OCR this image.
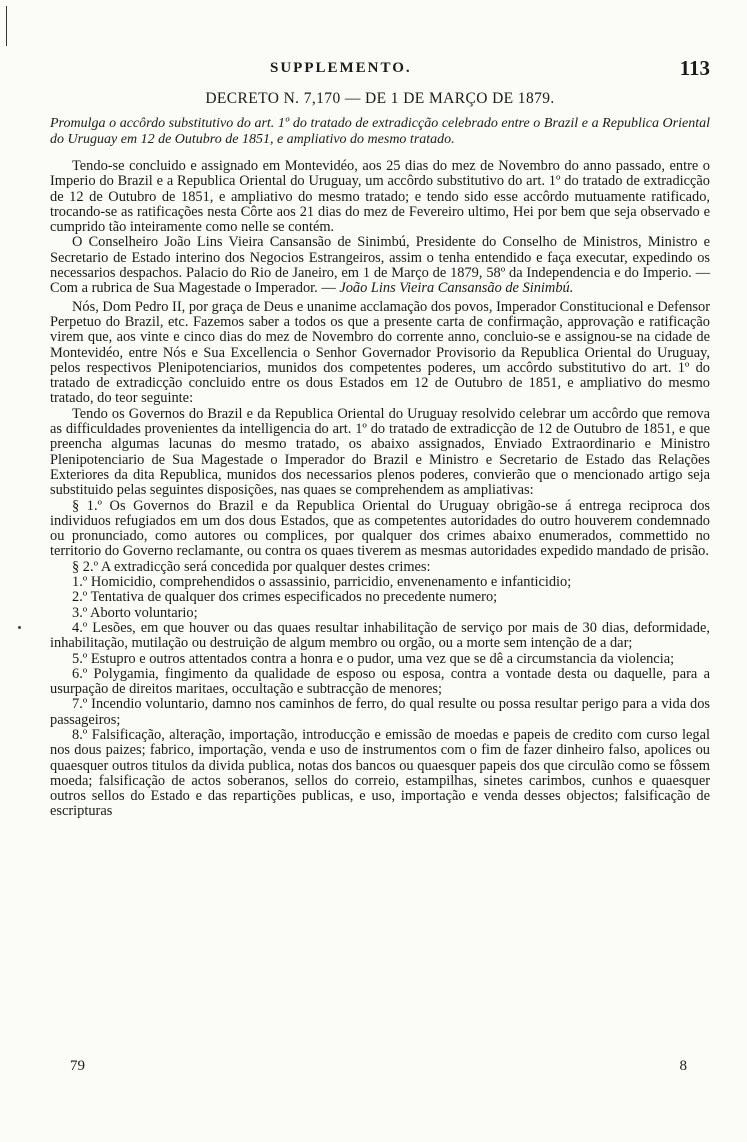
SUPPLEMENTO.	113
DECRETO N. 7,170 — DE 1 DE MARÇO DE 1879.
Promulga o accôrdo substitutivo do art. 1º do tratado de extradicção celebrado entre o Brazil e a Republica Oriental do Uruguay em 12 de Outubro de 1851, e ampliativo do mesmo tratado.

Tendo-se concluido e assignado em Montevidéo, aos 25 dias do mez de Novembro do anno passado, entre o Imperio do Brazil e a Republica Oriental do Uruguay, um accôrdo substitutivo do art. 1º do tratado de extradicção de 12 de Outubro de 1851, e ampliativo do mesmo tratado; e tendo sido esse accôrdo mutuamente ratificado, trocando-se as ratificações nesta Côrte aos 21 dias do mez de Fevereiro ultimo, Hei por bem que seja observado e cumprido tão inteiramente como nelle se contém.

O Conselheiro João Lins Vieira Cansansão de Sinimbú, Presidente do Conselho de Ministros, Ministro e Secretario de Estado interino dos Negocios Estrangeiros, assim o tenha entendido e faça executar, expedindo os necessarios despachos. Palacio do Rio de Janeiro, em 1 de Março de 1879, 58º da Independencia e do Imperio. — Com a rubrica de Sua Magestade o Imperador. — João Lins Vieira Cansansão de Sinimbú.

Nós, Dom Pedro II, por graça de Deus e unanime acclamação dos povos, Imperador Constitucional e Defensor Perpetuo do Brazil, etc. Fazemos saber a todos os que a presente carta de confirmação, approvação e ratificação virem que, aos vinte e cinco dias do mez de Novembro do corrente anno, concluio-se e assignou-se na cidade de Montevidéo, entre Nós e Sua Excellencia o Senhor Governador Provisorio da Republica Oriental do Uruguay, pelos respectivos Plenipotenciarios, munidos dos competentes poderes, um accôrdo substitutivo do art. 1º do tratado de extradicção concluido entre os dous Estados em 12 de Outubro de 1851, e ampliativo do mesmo tratado, do teor seguinte:

Tendo os Governos do Brazil e da Republica Oriental do Uruguay resolvido celebrar um accôrdo que remova as difficuldades provenientes da intelligencia do art. 1º do tratado de extradicção de 12 de Outubro de 1851, e que preencha algumas lacunas do mesmo tratado, os abaixo assignados, Enviado Extraordinario e Ministro Plenipotenciario de Sua Magestade o Imperador do Brazil e Ministro e Secretario de Estado das Relações Exteriores da dita Republica, munidos dos necessarios plenos poderes, convierão que o mencionado artigo seja substituido pelas seguintes disposições, nas quaes se comprehendem as ampliativas:

§ 1.º Os Governos do Brazil e da Republica Oriental do Uruguay obrigão-se á entrega reciproca dos individuos refugiados em um dos dous Estados, que as competentes autoridades do outro houverem condemnado ou pronunciado, como autores ou complices, por qualquer dos crimes abaixo enumerados, commettido no territorio do Governo reclamante, ou contra os quaes tiverem as mesmas autoridades expedido mandado de prisão.

§ 2.º A extradicção será concedida por qualquer destes crimes:

1.º Homicidio, comprehendidos o assassinio, parricidio, envenenamento e infanticidio;

2.º Tentativa de qualquer dos crimes especificados no precedente numero;

3.º Aborto voluntario;

4.º Lesões, em que houver ou das quaes resultar inhabilitação de serviço por mais de 30 dias, deformidade, inhabilitação, mutilação ou destruição de algum membro ou orgão, ou a morte sem intenção de a dar;

5.º Estupro e outros attentados contra a honra e o pudor, uma vez que se dê a circumstancia da violencia;

6.º Polygamia, fingimento da qualidade de esposo ou esposa, contra a vontade desta ou daquelle, para a usurpação de direitos maritaes, occultação e subtracção de menores;

7.º Incendio voluntario, damno nos caminhos de ferro, do qual resulte ou possa resultar perigo para a vida dos passageiros;

8.º Falsificação, alteração, importação, introducção e emissão de moedas e papeis de credito com curso legal nos dous paizes; fabrico, importação, venda e uso de instrumentos com o fim de fazer dinheiro falso, apolices ou quaesquer outros titulos da divida publica, notas dos bancos ou quaesquer papeis dos que circulão como se fôssem moeda; falsificação de actos soberanos, sellos do correio, estampilhas, sinetes carimbos, cunhos e quaesquer outros sellos do Estado e das repartições publicas, e uso, importação e venda desses objectos; falsificação de escripturas

79	8
